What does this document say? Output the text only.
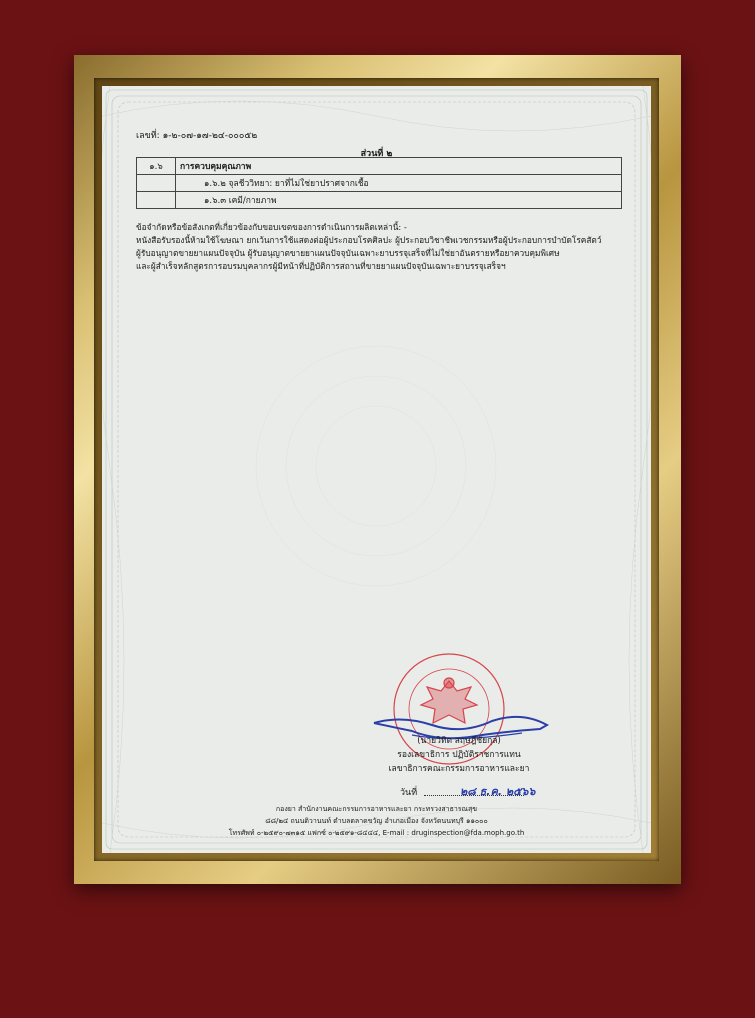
เลขที่: ๑-๒-๐๗-๑๗-๒๔-๐๐๐๕๒
ส่วนที่ ๒
๑.๖	การควบคุมคุณภาพ
	๑.๖.๒ จุลชีววิทยา: ยาที่ไม่ใช่ยาปราศจากเชื้อ
	๑.๖.๓ เคมี/กายภาพ
ข้อจำกัดหรือข้อสังเกตที่เกี่ยวข้องกับขอบเขตของการดำเนินการผลิตเหล่านี้: -
หนังสือรับรองนี้ห้ามใช้โฆษณา ยกเว้นการใช้แสดงต่อผู้ประกอบโรคศิลปะ ผู้ประกอบวิชาชีพเวชกรรมหรือผู้ประกอบการบำบัดโรคสัตว์
ผู้รับอนุญาตขายยาแผนปัจจุบัน ผู้รับอนุญาตขายยาแผนปัจจุบันเฉพาะยาบรรจุเสร็จที่ไม่ใช่ยาอันตรายหรือยาควบคุมพิเศษ
และผู้สำเร็จหลักสูตรการอบรมบุคลากรผู้มีหน้าที่ปฏิบัติการสถานที่ขายยาแผนปัจจุบันเฉพาะยาบรรจุเสร็จฯ
(นายวิทิต สฤษฎีชัยกุล)
รองเลขาธิการ ปฏิบัติราชการแทน
เลขาธิการคณะกรรมการอาหารและยา
วันที่	๒๘ ธ.ค. ๒๕๖๖
กองยา สำนักงานคณะกรรมการอาหารและยา กระทรวงสาธารณสุข
๘๘/๒๔ ถนนติวานนท์ ตำบลตลาดขวัญ อำเภอเมือง จังหวัดนนทบุรี ๑๑๐๐๐
โทรศัพท์ ๐-๒๕๙๐-๗๓๑๕ แฟกซ์ ๐-๒๕๙๑-๘๔๔๔, E-mail : druginspection@fda.moph.go.th
